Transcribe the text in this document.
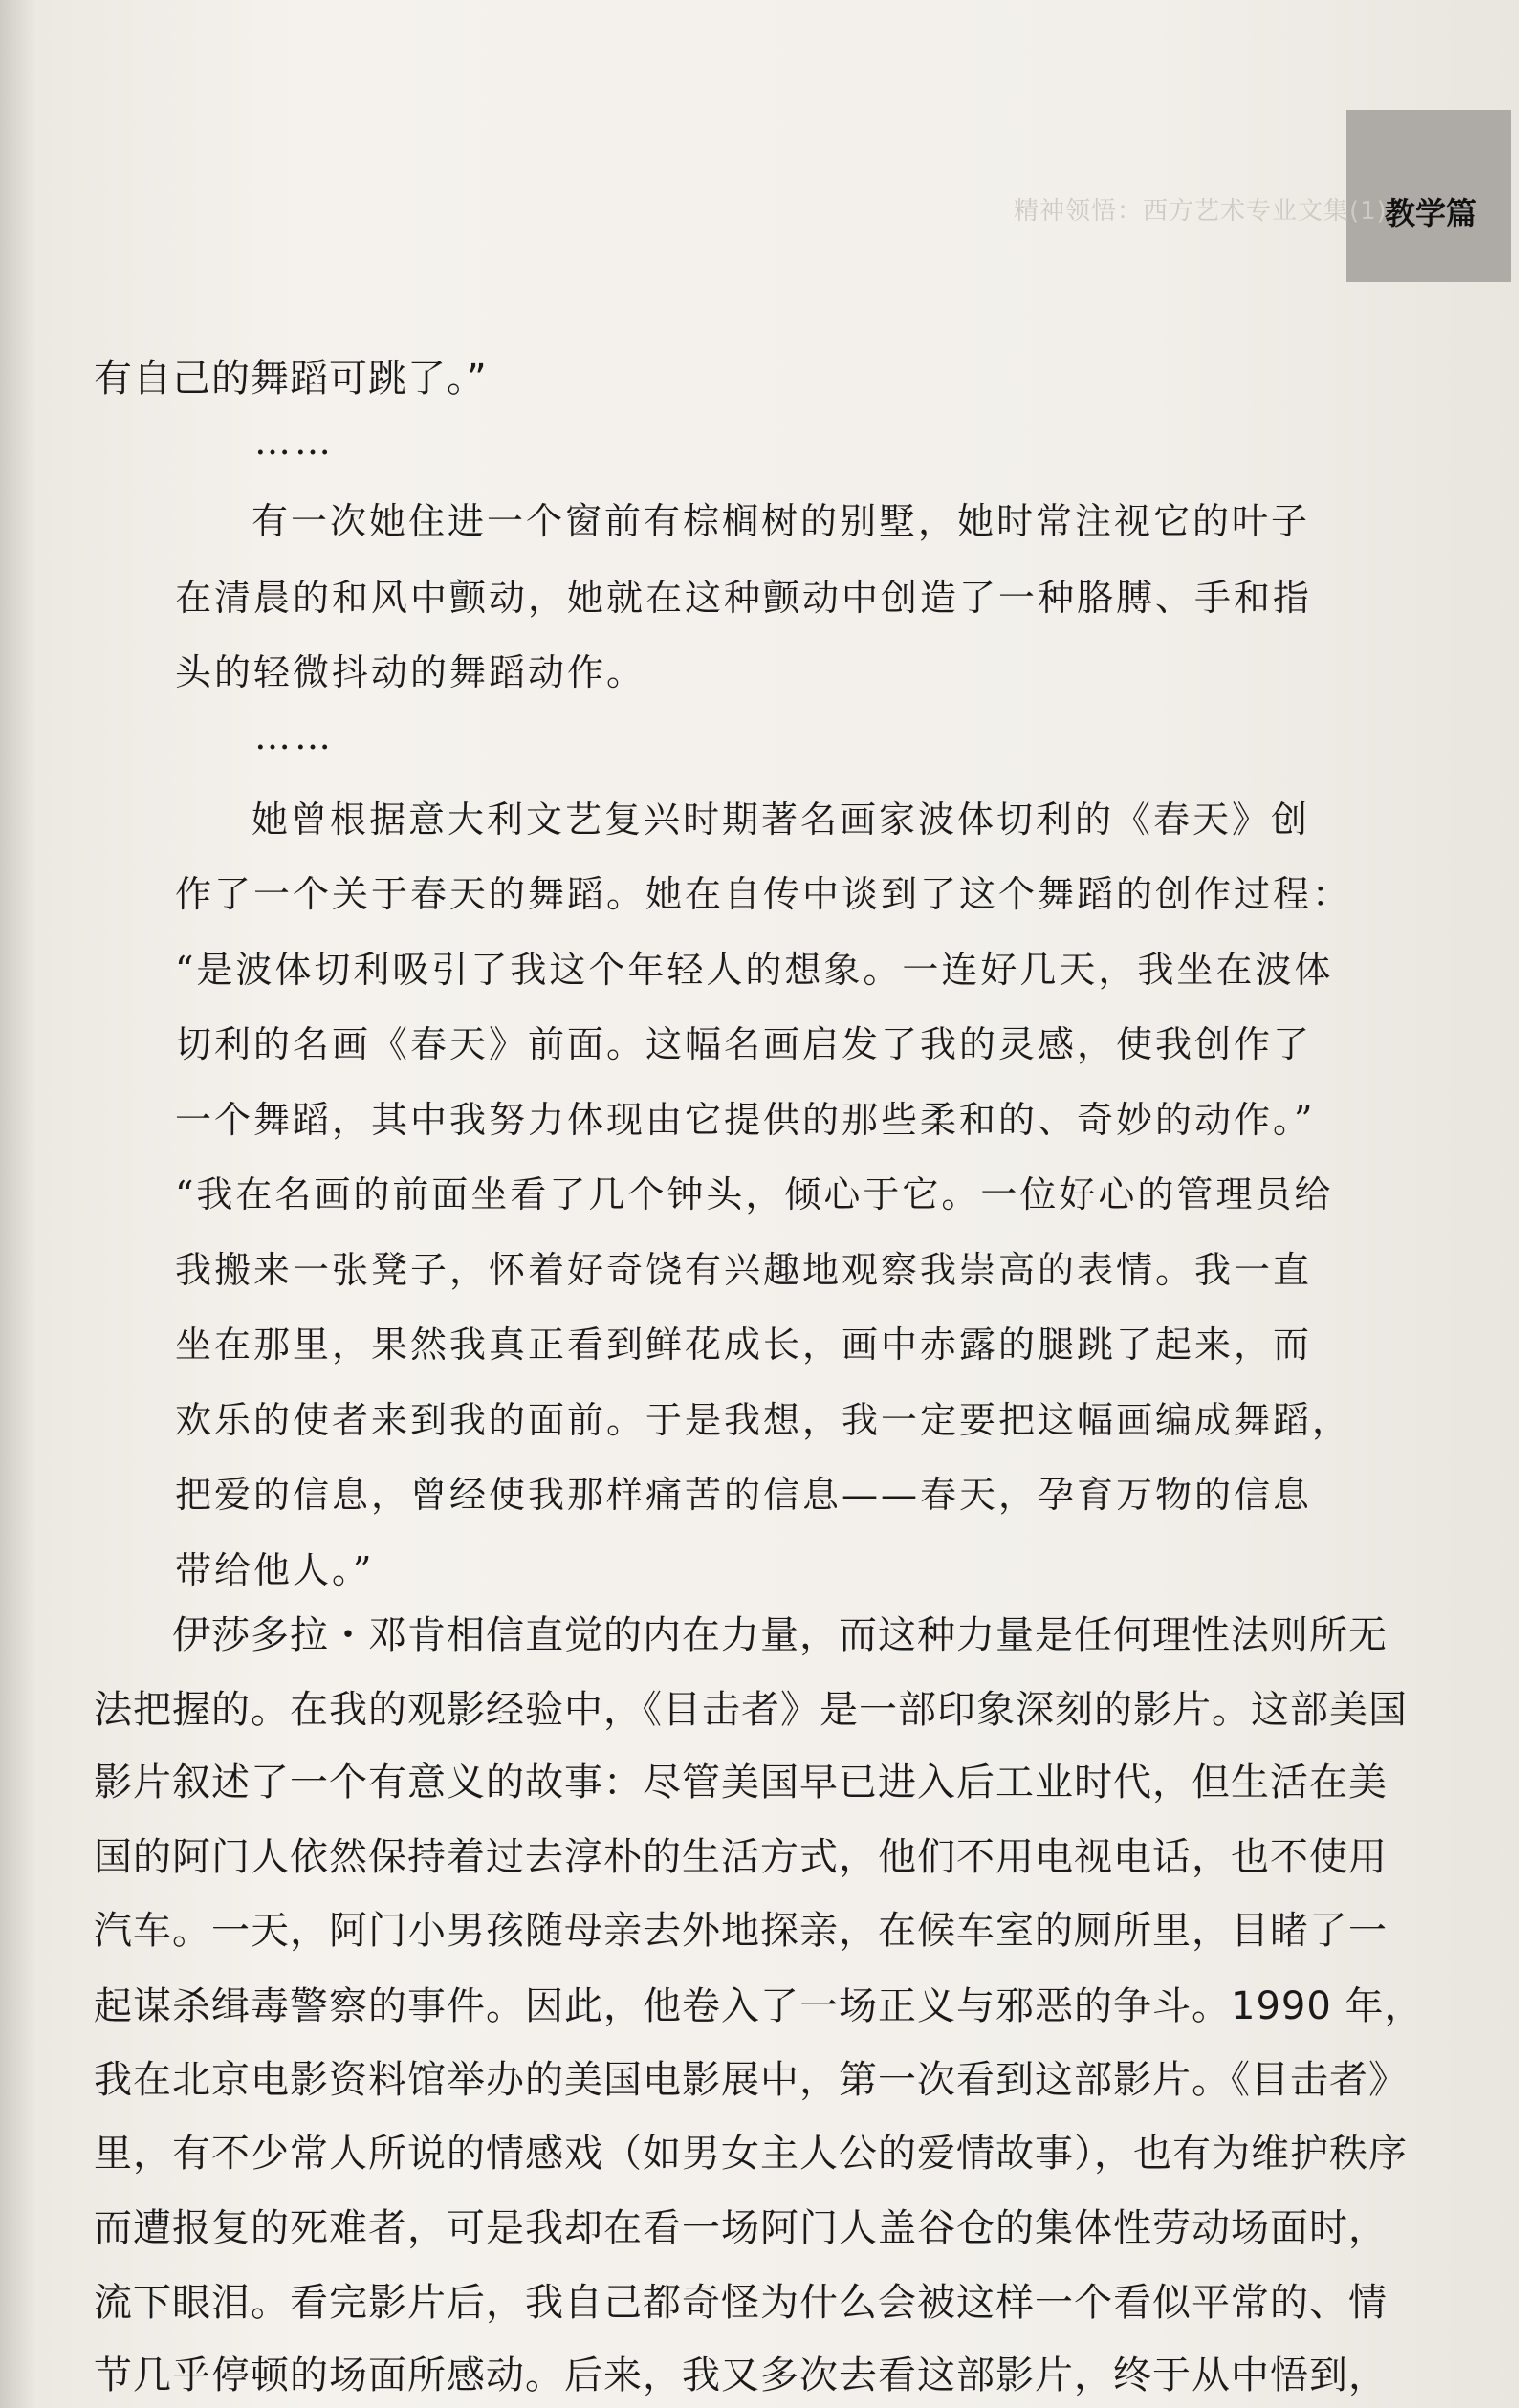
教学篇
精神领悟：西方艺术专业文集(1)
有自己的舞蹈可跳了。”
……
有一次她住进一个窗前有棕榈树的别墅，她时常注视它的叶子
在清晨的和风中颤动，她就在这种颤动中创造了一种胳膊、手和指
头的轻微抖动的舞蹈动作。
……
她曾根据意大利文艺复兴时期著名画家波体切利的《春天》创
作了一个关于春天的舞蹈。她在自传中谈到了这个舞蹈的创作过程：
“是波体切利吸引了我这个年轻人的想象。一连好几天，我坐在波体
切利的名画《春天》前面。这幅名画启发了我的灵感，使我创作了
一个舞蹈，其中我努力体现由它提供的那些柔和的、奇妙的动作。”
“我在名画的前面坐看了几个钟头，倾心于它。一位好心的管理员给
我搬来一张凳子，怀着好奇饶有兴趣地观察我崇高的表情。我一直
坐在那里，果然我真正看到鲜花成长，画中赤露的腿跳了起来，而
欢乐的使者来到我的面前。于是我想，我一定要把这幅画编成舞蹈，
把爱的信息，曾经使我那样痛苦的信息——春天，孕育万物的信息
带给他人。”
伊莎多拉・邓肯相信直觉的内在力量，而这种力量是任何理性法则所无
法把握的。在我的观影经验中，《目击者》是一部印象深刻的影片。这部美国
影片叙述了一个有意义的故事：尽管美国早已进入后工业时代，但生活在美
国的阿门人依然保持着过去淳朴的生活方式，他们不用电视电话，也不使用
汽车。一天，阿门小男孩随母亲去外地探亲，在候车室的厕所里，目睹了一
起谋杀缉毒警察的事件。因此，他卷入了一场正义与邪恶的争斗。1990 年，
我在北京电影资料馆举办的美国电影展中，第一次看到这部影片。《目击者》
里，有不少常人所说的情感戏（如男女主人公的爱情故事），也有为维护秩序
而遭报复的死难者，可是我却在看一场阿门人盖谷仓的集体性劳动场面时，
流下眼泪。看完影片后，我自己都奇怪为什么会被这样一个看似平常的、情
节几乎停顿的场面所感动。后来，我又多次去看这部影片，终于从中悟到，
